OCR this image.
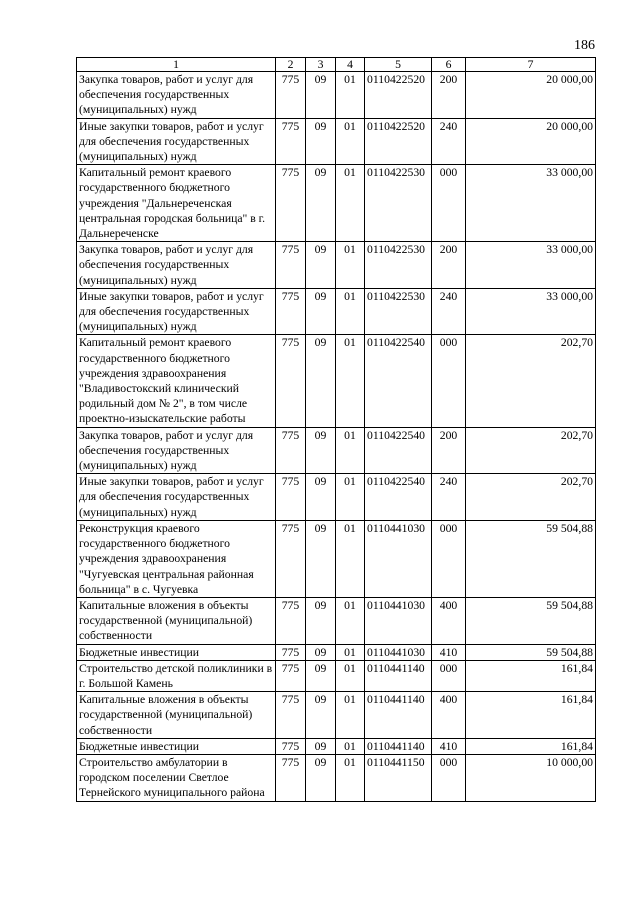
186
1	2	3	4	5	6	7
Закупка товаров, работ и услуг для обеспечения государственных (муниципальных) нужд	775	09	01	0110422520	200	20 000,00
Иные закупки товаров, работ и услуг для обеспечения государственных (муниципальных) нужд	775	09	01	0110422520	240	20 000,00
Капитальный ремонт краевого государственного бюджетного учреждения "Дальнереченская центральная городская больница" в г. Дальнереченске	775	09	01	0110422530	000	33 000,00
Закупка товаров, работ и услуг для обеспечения государственных (муниципальных) нужд	775	09	01	0110422530	200	33 000,00
Иные закупки товаров, работ и услуг для обеспечения государственных (муниципальных) нужд	775	09	01	0110422530	240	33 000,00
Капитальный ремонт краевого государственного бюджетного учреждения здравоохранения "Владивостокский клинический родильный дом № 2", в том числе проектно-изыскательские работы	775	09	01	0110422540	000	202,70
Закупка товаров, работ и услуг для обеспечения государственных (муниципальных) нужд	775	09	01	0110422540	200	202,70
Иные закупки товаров, работ и услуг для обеспечения государственных (муниципальных) нужд	775	09	01	0110422540	240	202,70
Реконструкция краевого государственного бюджетного учреждения здравоохранения "Чугуевская центральная районная больница" в с. Чугуевка	775	09	01	0110441030	000	59 504,88
Капитальные вложения в объекты государственной (муниципальной) собственности	775	09	01	0110441030	400	59 504,88
Бюджетные инвестиции	775	09	01	0110441030	410	59 504,88
Строительство детской поликлиники в г. Большой Камень	775	09	01	0110441140	000	161,84
Капитальные вложения в объекты государственной (муниципальной) собственности	775	09	01	0110441140	400	161,84
Бюджетные инвестиции	775	09	01	0110441140	410	161,84
Строительство амбулатории в городском поселении Светлое Тернейского муниципального района	775	09	01	0110441150	000	10 000,00
